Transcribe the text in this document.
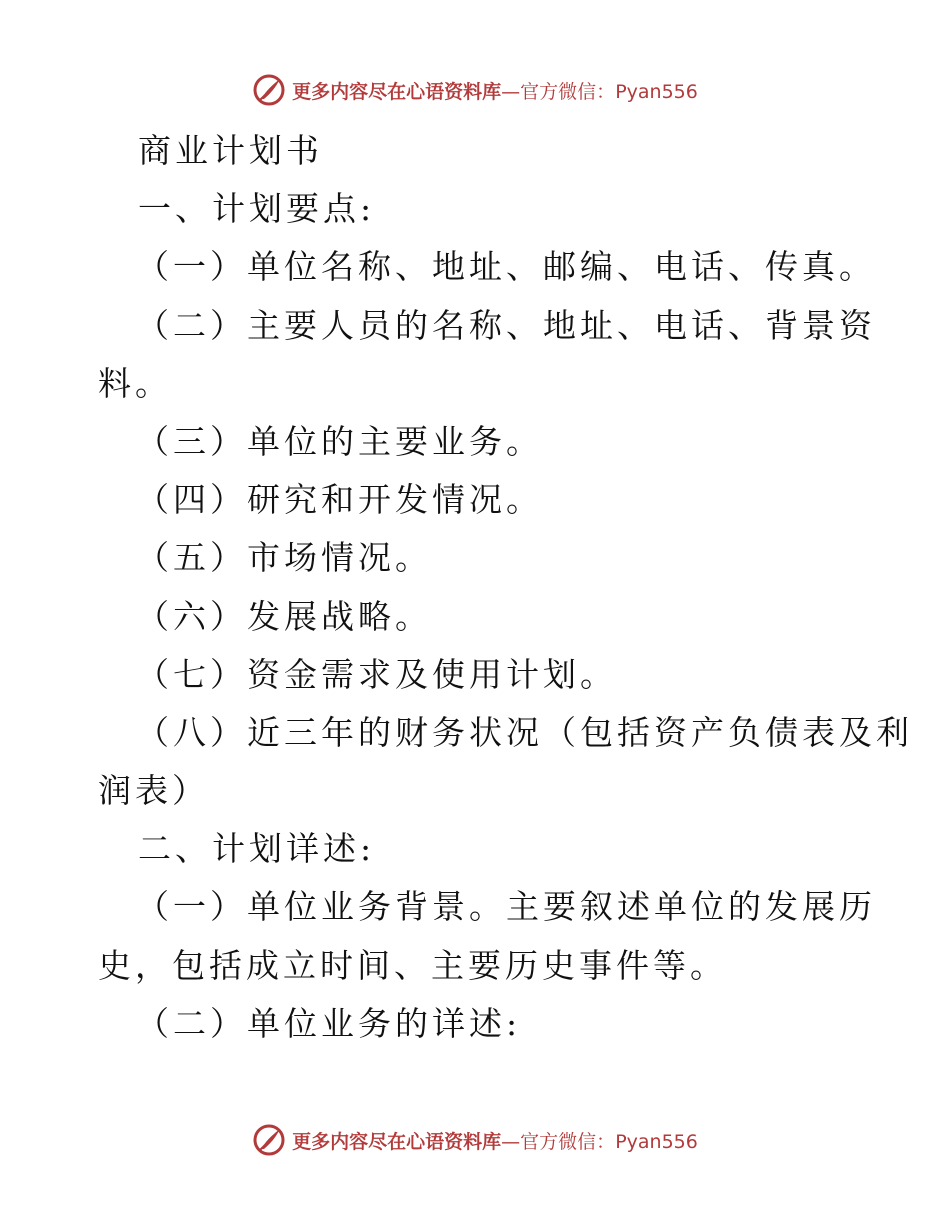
更多内容尽在心语资料库—官方微信：Pyan556
商业计划书
一、计划要点:
（一）单位名称、地址、邮编、电话、传真。
（二）主要人员的名称、地址、电话、背景资
料。
（三）单位的主要业务。
（四）研究和开发情况。
（五）市场情况。
（六）发展战略。
（七）资金需求及使用计划。
（八）近三年的财务状况（包括资产负债表及利
润表）
二、计划详述:
（一）单位业务背景。主要叙述单位的发展历
史，包括成立时间、主要历史事件等。
（二）单位业务的详述:
更多内容尽在心语资料库—官方微信：Pyan556
